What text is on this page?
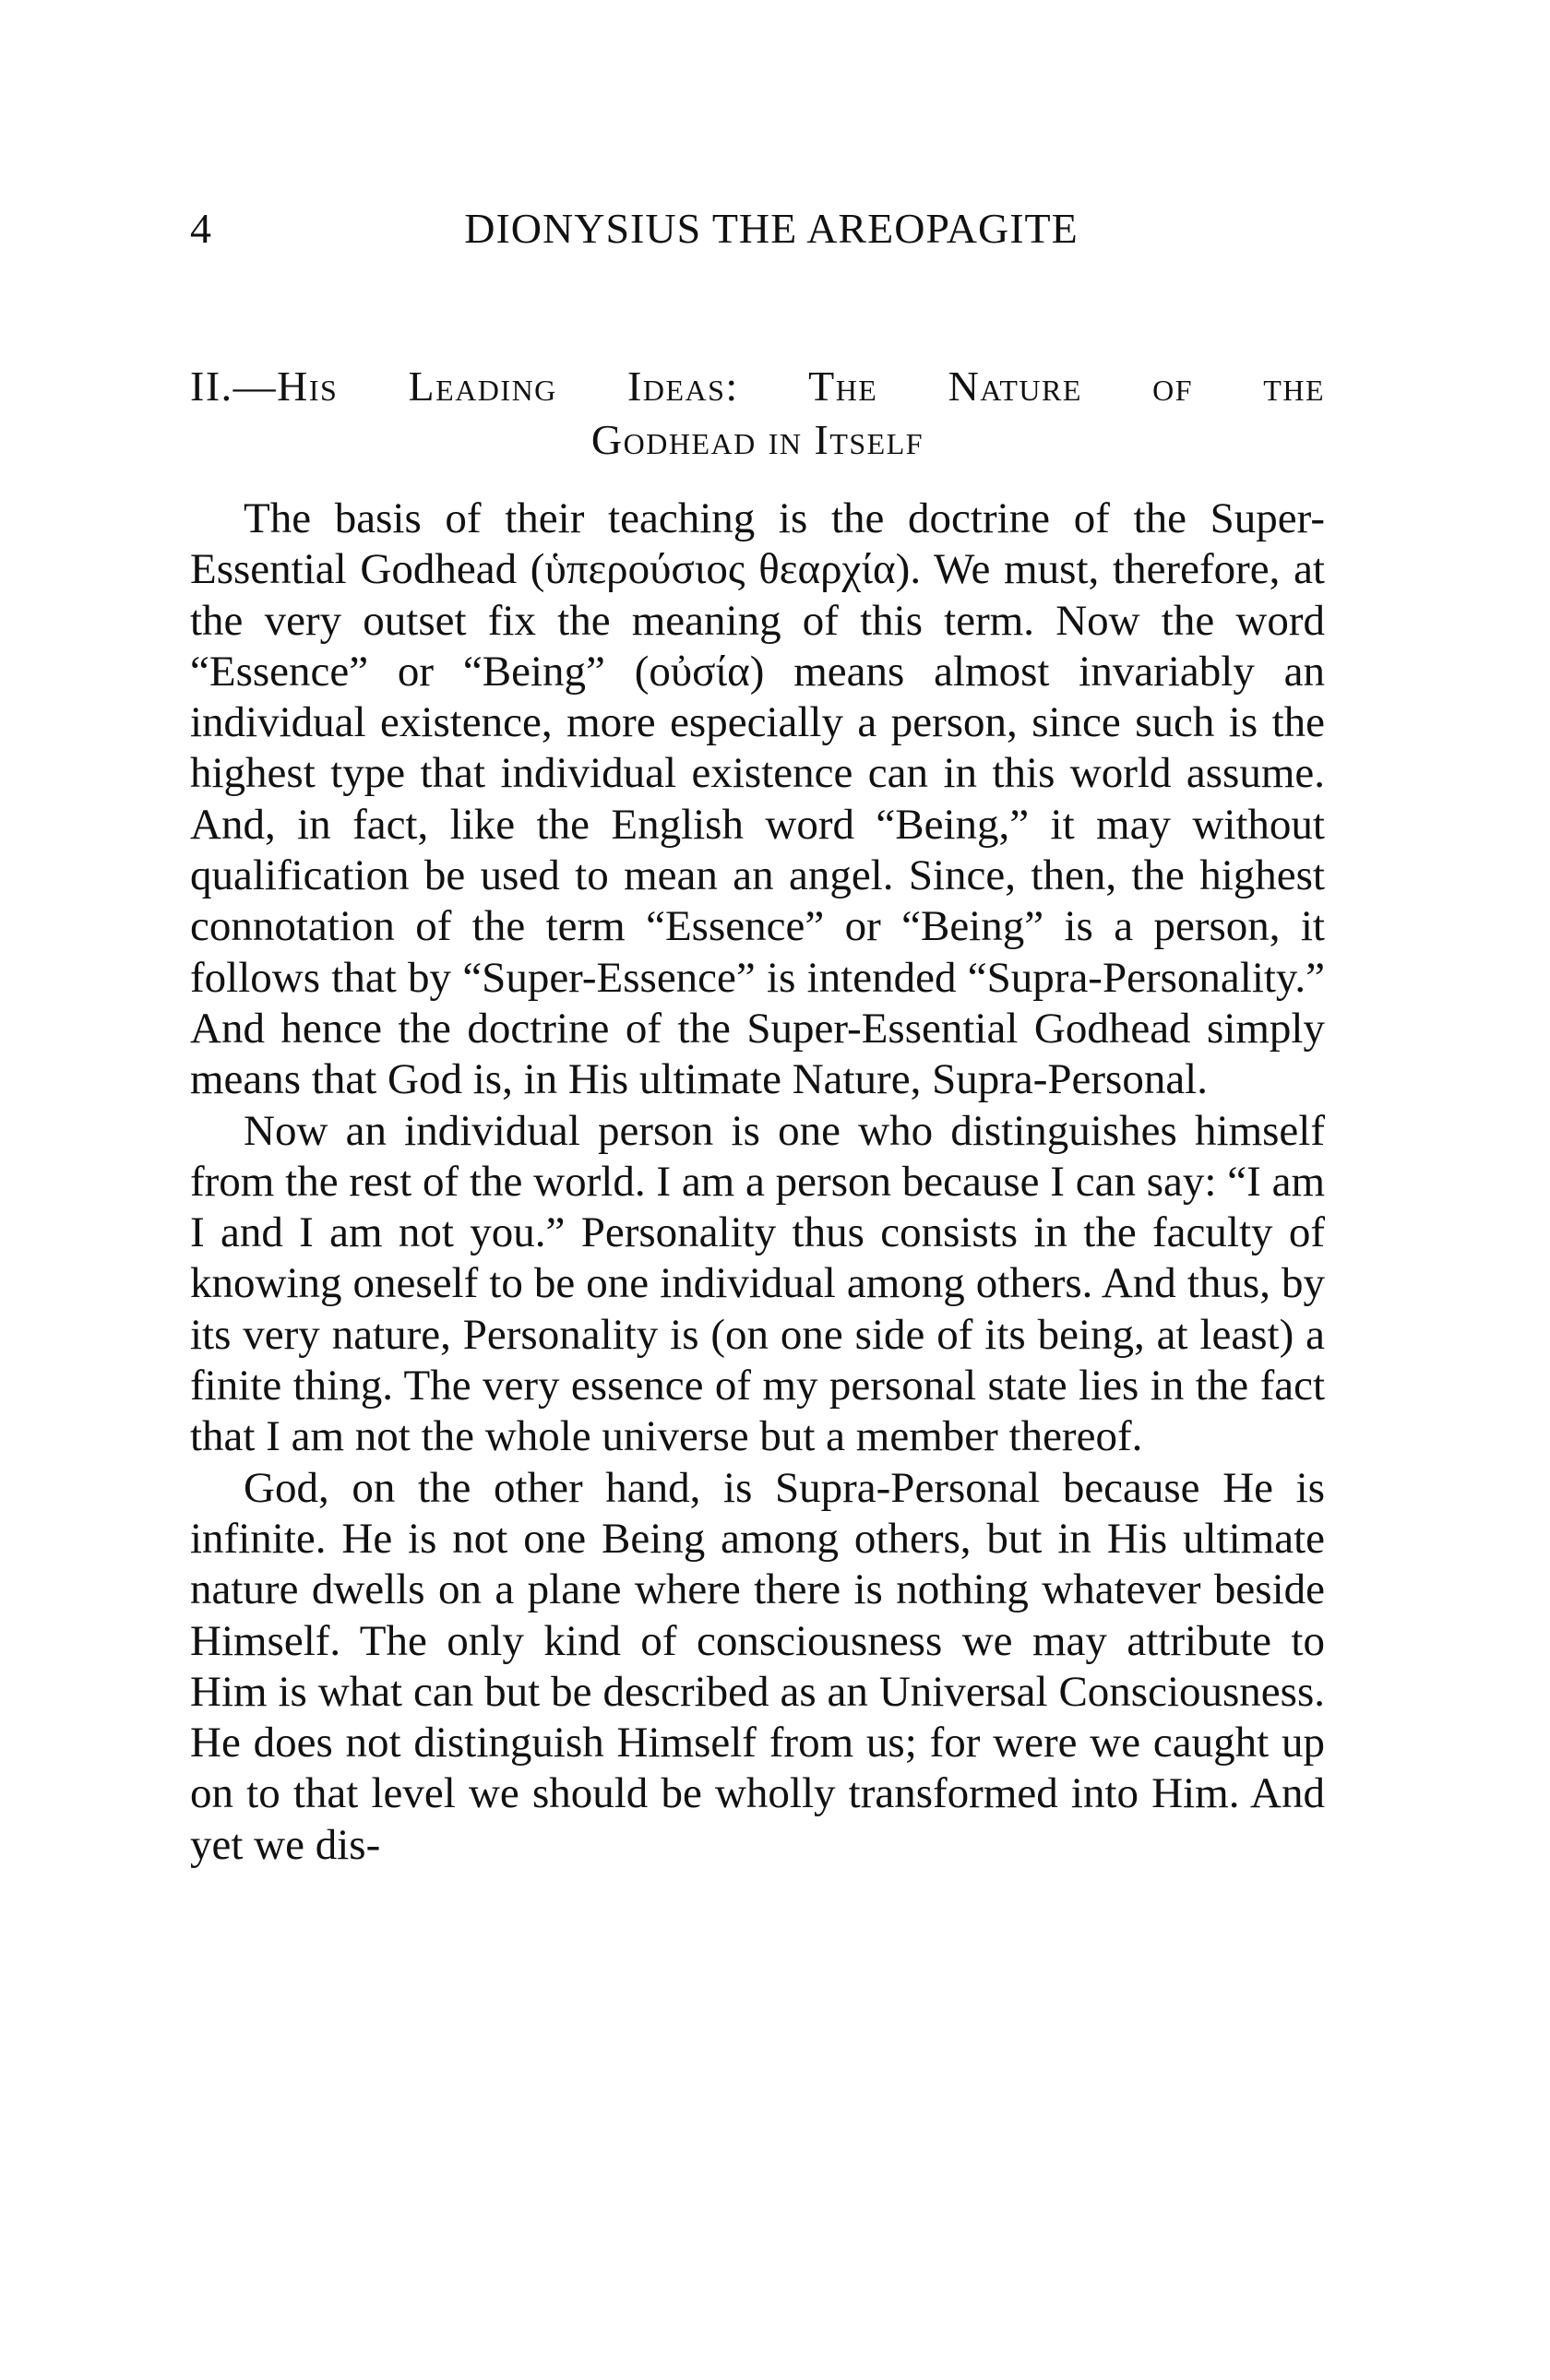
4	DIONYSIUS THE AREOPAGITE
II.—His Leading Ideas: The Nature of the
Godhead in Itself

The basis of their teaching is the doctrine of the Super-Essential Godhead (ὑπερούσιος θεαρχία). We must, therefore, at the very outset fix the meaning of this term. Now the word “Essence” or “Being” (οὐσία) means almost invariably an individual existence, more especially a person, since such is the highest type that individual existence can in this world assume. And, in fact, like the English word “Being,” it may without qualification be used to mean an angel. Since, then, the highest connotation of the term “Essence” or “Being” is a person, it follows that by “Super-Essence” is intended “Supra-Personality.” And hence the doctrine of the Super-Essential Godhead simply means that God is, in His ultimate Nature, Supra-Personal.

Now an individual person is one who distinguishes himself from the rest of the world. I am a person because I can say: “I am I and I am not you.” Personality thus consists in the faculty of knowing oneself to be one individual among others. And thus, by its very nature, Personality is (on one side of its being, at least) a finite thing. The very essence of my personal state lies in the fact that I am not the whole universe but a member thereof.

God, on the other hand, is Supra-Personal because He is infinite. He is not one Being among others, but in His ultimate nature dwells on a plane where there is nothing whatever beside Himself. The only kind of consciousness we may attribute to Him is what can but be described as an Universal Consciousness. He does not distinguish Himself from us; for were we caught up on to that level we should be wholly transformed into Him. And yet we dis-
